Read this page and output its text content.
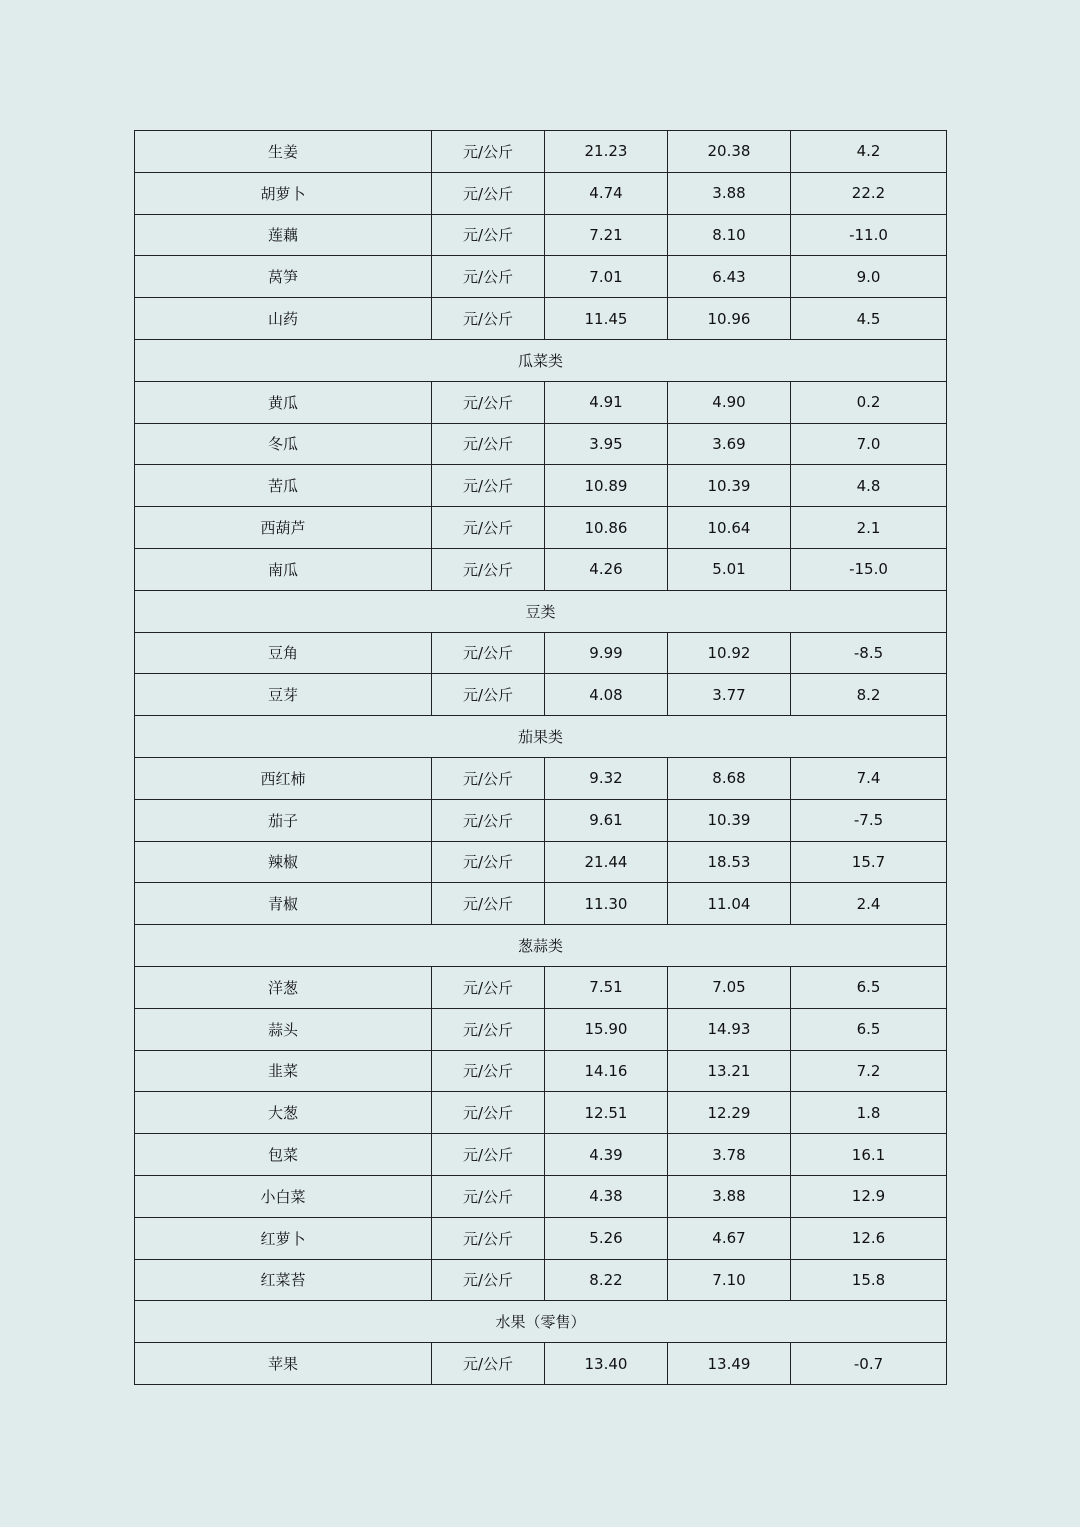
生姜	元/公斤	21.23	20.38	4.2
胡萝卜	元/公斤	4.74	3.88	22.2
莲藕	元/公斤	7.21	8.10	-11.0
莴笋	元/公斤	7.01	6.43	9.0
山药	元/公斤	11.45	10.96	4.5
瓜菜类				
黄瓜	元/公斤	4.91	4.90	0.2
冬瓜	元/公斤	3.95	3.69	7.0
苦瓜	元/公斤	10.89	10.39	4.8
西葫芦	元/公斤	10.86	10.64	2.1
南瓜	元/公斤	4.26	5.01	-15.0
豆类				
豆角	元/公斤	9.99	10.92	-8.5
豆芽	元/公斤	4.08	3.77	8.2
茄果类				
西红柿	元/公斤	9.32	8.68	7.4
茄子	元/公斤	9.61	10.39	-7.5
辣椒	元/公斤	21.44	18.53	15.7
青椒	元/公斤	11.30	11.04	2.4
葱蒜类				
洋葱	元/公斤	7.51	7.05	6.5
蒜头	元/公斤	15.90	14.93	6.5
韭菜	元/公斤	14.16	13.21	7.2
大葱	元/公斤	12.51	12.29	1.8
包菜	元/公斤	4.39	3.78	16.1
小白菜	元/公斤	4.38	3.88	12.9
红萝卜	元/公斤	5.26	4.67	12.6
红菜苔	元/公斤	8.22	7.10	15.8
水果（零售）				
苹果	元/公斤	13.40	13.49	-0.7
